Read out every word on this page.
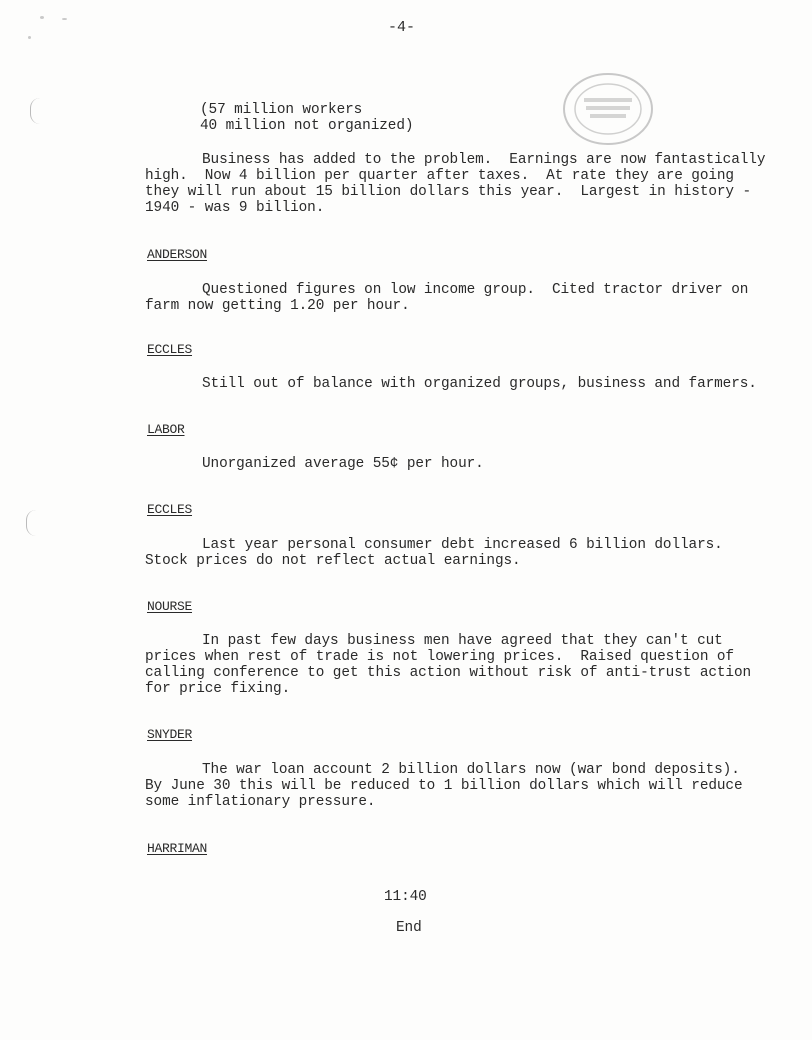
-4-
(57 million workers
40 million not organized)
Business has added to the problem.  Earnings are now fantastically
high.  Now 4 billion per quarter after taxes.  At rate they are going
they will run about 15 billion dollars this year.  Largest in history -
1940 - was 9 billion.
ANDERSON
Questioned figures on low income group.  Cited tractor driver on
farm now getting 1.20 per hour.
ECCLES
Still out of balance with organized groups, business and farmers.
LABOR
Unorganized average 55¢ per hour.
ECCLES
Last year personal consumer debt increased 6 billion dollars.
Stock prices do not reflect actual earnings.
NOURSE
In past few days business men have agreed that they can't cut
prices when rest of trade is not lowering prices.  Raised question of
calling conference to get this action without risk of anti-trust action
for price fixing.
SNYDER
The war loan account 2 billion dollars now (war bond deposits).
By June 30 this will be reduced to 1 billion dollars which will reduce
some inflationary pressure.
HARRIMAN
11:40
End
